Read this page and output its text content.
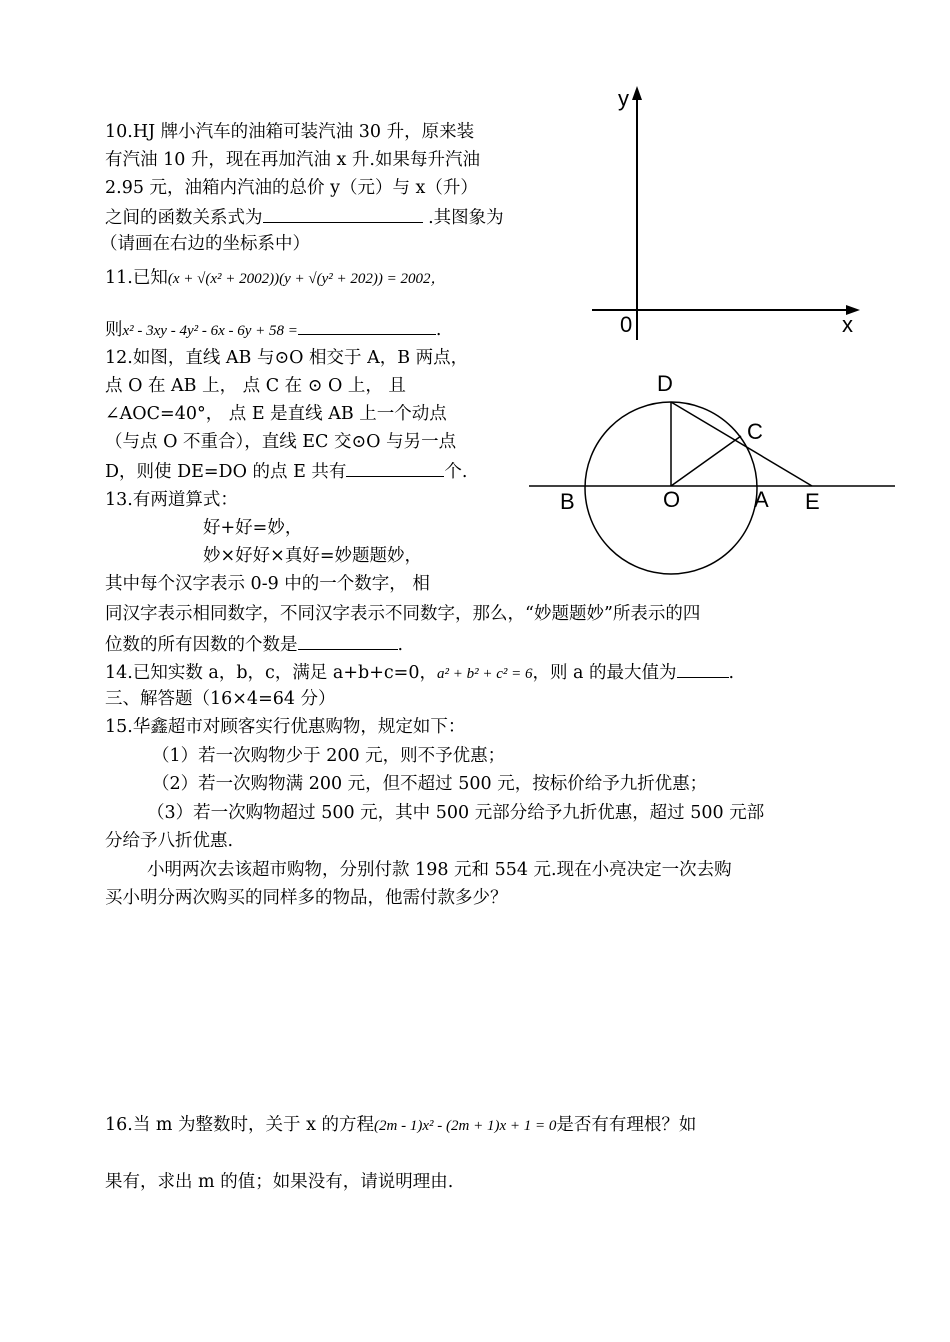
10.HJ 牌小汽车的油箱可装汽油 30 升，原来装
有汽油 10 升，现在再加汽油 x 升.如果每升汽油
2.95 元，油箱内汽油的总价 y（元）与 x（升）
之间的函数关系式为	.其图象为
（请画在右边的坐标系中）
11.已知(x + √(x² + 2002))(y + √(y² + 202)) = 2002，
则x² - 3xy - 4y² - 6x - 6y + 58 =	.
12.如图，直线 AB 与⊙O 相交于 A，B 两点，
点 O 在 AB 上， 点 C 在 ⊙ O 上， 且
∠AOC=40°， 点 E 是直线 AB 上一个动点
（与点 O 不重合），直线 EC 交⊙O 与另一点
D，则使 DE=DO 的点 E 共有	个.
13.有两道算式：
好+好=妙，
妙×好好×真好=妙题题妙，
其中每个汉字表示 0-9 中的一个数字， 相
同汉字表示相同数字，不同汉字表示不同数字，那么，“妙题题妙”所表示的四
位数的所有因数的个数是	.
14.已知实数 a，b，c，满足 a+b+c=0，a² + b² + c² = 6，则 a 的最大值为	.
三、解答题（16×4=64 分）
15.华鑫超市对顾客实行优惠购物，规定如下：
（1）若一次购物少于 200 元，则不予优惠；
（2）若一次购物满 200 元，但不超过 500 元，按标价给予九折优惠；
（3）若一次购物超过 500 元，其中 500 元部分给予九折优惠，超过 500 元部
分给予八折优惠.
小明两次去该超市购物，分别付款 198 元和 554 元.现在小亮决定一次去购
买小明分两次购买的同样多的物品，他需付款多少？
16.当 m 为整数时，关于 x 的方程(2m - 1)x² - (2m + 1)x + 1 = 0是否有有理根？如
果有，求出 m 的值；如果没有，请说明理由.
y
x
0
D
C
B	O	A E
